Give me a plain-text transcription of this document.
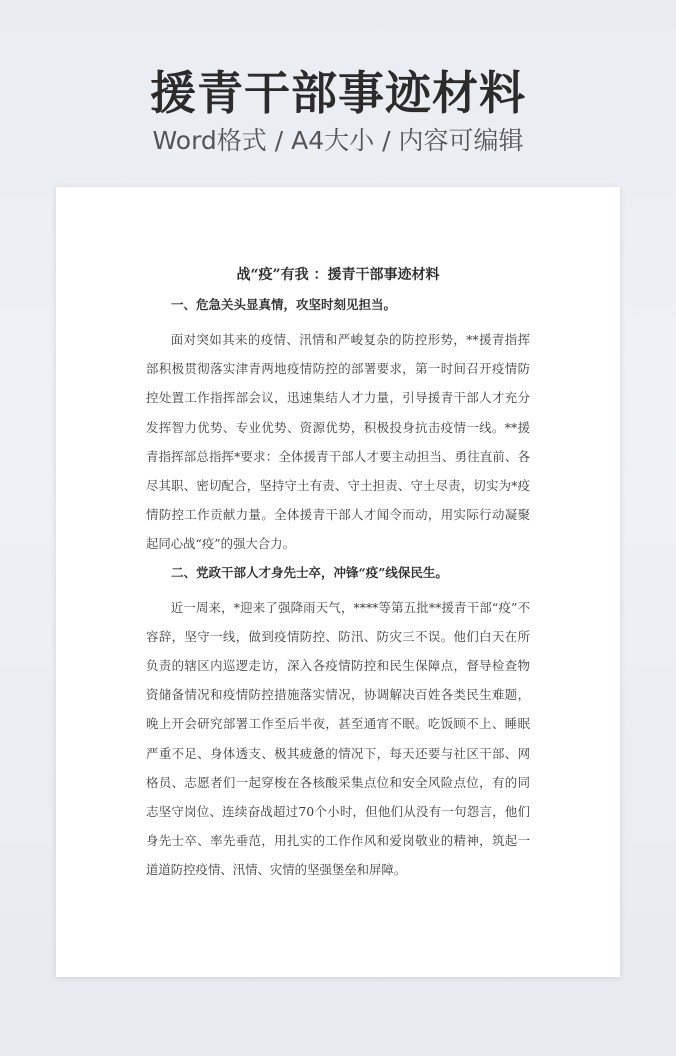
援青干部事迹材料
Word格式 / A4大小 / 内容可编辑
战“疫”有我 ：援青干部事迹材料
一、危急关头显真情，攻坚时刻见担当。

面对突如其来的疫情、汛情和严峻复杂的防控形势，**援青指挥部积极贯彻落实津青两地疫情防控的部署要求，第一时间召开疫情防控处置工作指挥部会议，迅速集结人才力量，引导援青干部人才充分发挥智力优势、专业优势、资源优势，积极投身抗击疫情一线。**援青指挥部总指挥*要求：全体援青干部人才要主动担当、勇往直前、各尽其职、密切配合，坚持守土有责、守土担责、守土尽责，切实为*疫情防控工作贡献力量。全体援青干部人才闻令而动，用实际行动凝聚起同心战“疫”的强大合力。

二、党政干部人才身先士卒，冲锋“疫”线保民生。

近一周来，*迎来了强降雨天气，****等第五批**援青干部“疫”不容辞，坚守一线，做到疫情防控、防汛、防灾三不误。他们白天在所负责的辖区内巡逻走访，深入各疫情防控和民生保障点，督导检查物资储备情况和疫情防控措施落实情况，协调解决百姓各类民生难题，晚上开会研究部署工作至后半夜，甚至通宵不眠。吃饭顾不上、睡眠严重不足、身体透支、极其疲惫的情况下，每天还要与社区干部、网格员、志愿者们一起穿梭在各核酸采集点位和安全风险点位，有的同志坚守岗位、连续奋战超过70个小时，但他们从没有一句怨言，他们身先士卒、率先垂范，用扎实的工作作风和爱岗敬业的精神，筑起一道道防控疫情、汛情、灾情的坚强堡垒和屏障。
